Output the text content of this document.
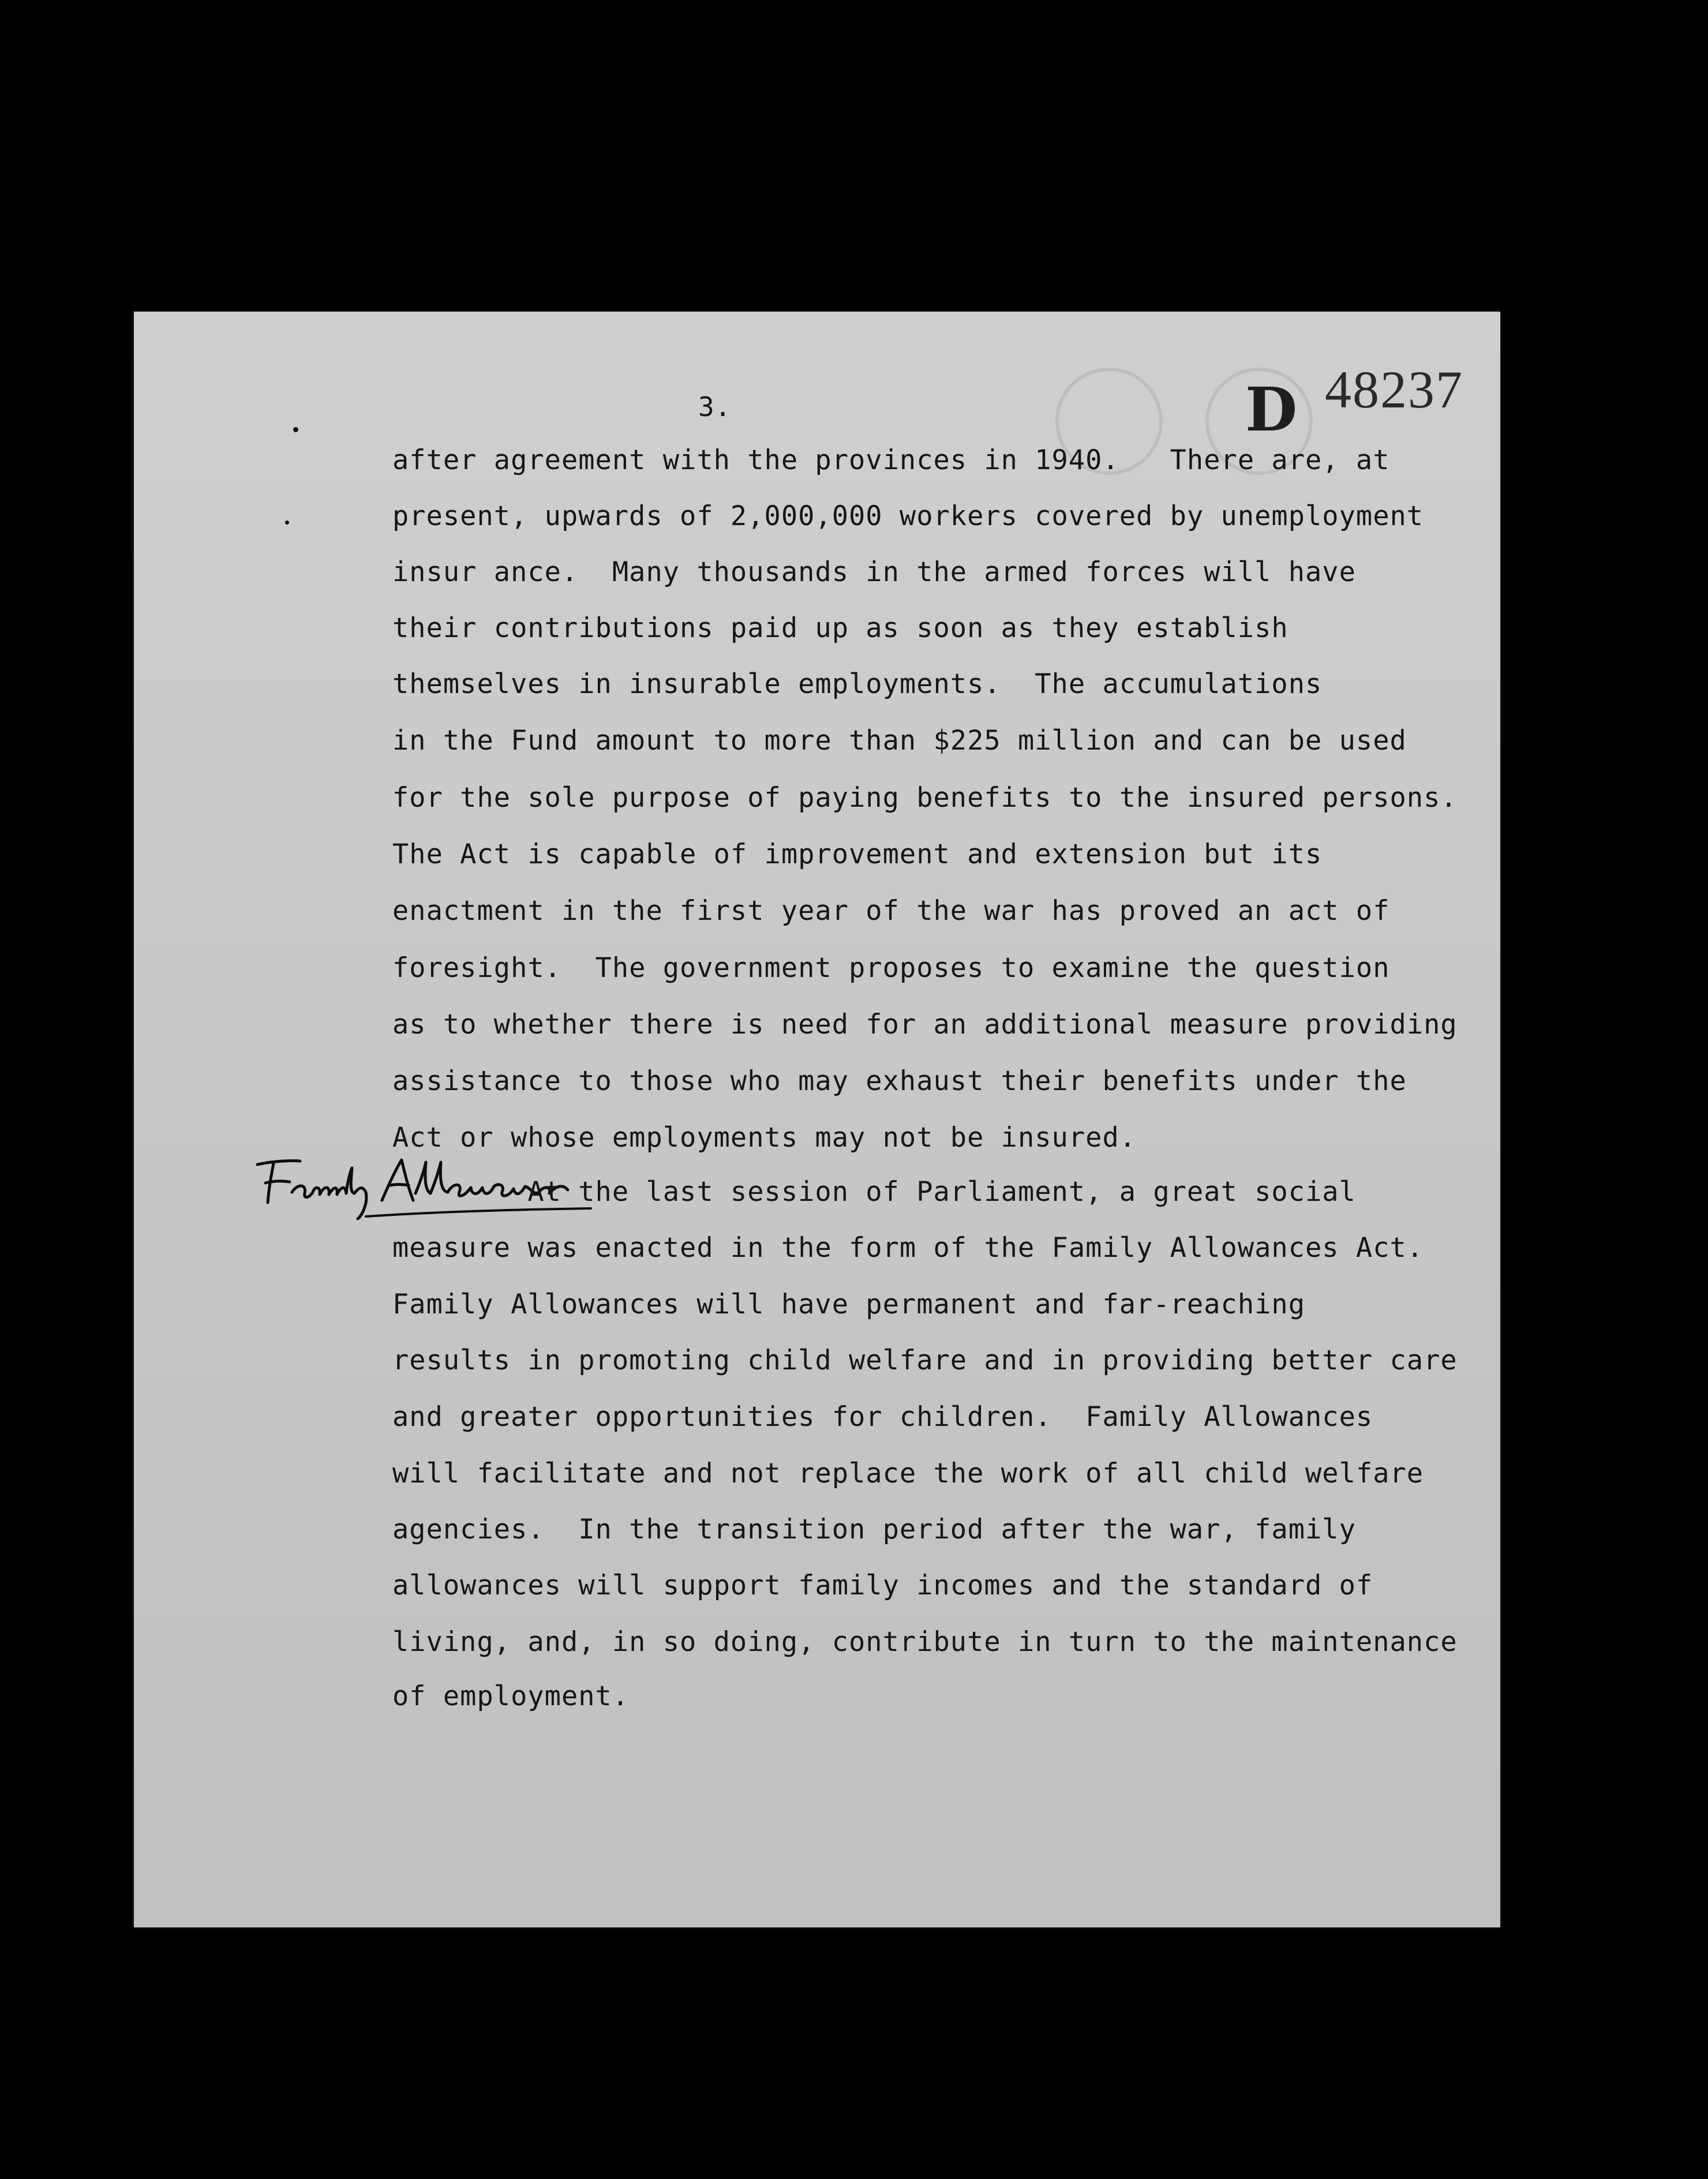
3.	D 48237
after agreement with the provinces in 1940.   There are, at
present, upwards of 2,000,000 workers covered by unemployment
insur ance.  Many thousands in the armed forces will have
their contributions paid up as soon as they establish
themselves in insurable employments.  The accumulations
in the Fund amount to more than $225 million and can be used
for the sole purpose of paying benefits to the insured persons.
The Act is capable of improvement and extension but its
enactment in the first year of the war has proved an act of
foresight.  The government proposes to examine the question
as to whether there is need for an additional measure providing
assistance to those who may exhaust their benefits under the
Act or whose employments may not be insured.
At the last session of Parliament, a great social
measure was enacted in the form of the Family Allowances Act.
Family Allowances will have permanent and far-reaching
results in promoting child welfare and in providing better care
and greater opportunities for children.  Family Allowances
will facilitate and not replace the work of all child welfare
agencies.  In the transition period after the war, family
allowances will support family incomes and the standard of
living, and, in so doing, contribute in turn to the maintenance
of employment.
